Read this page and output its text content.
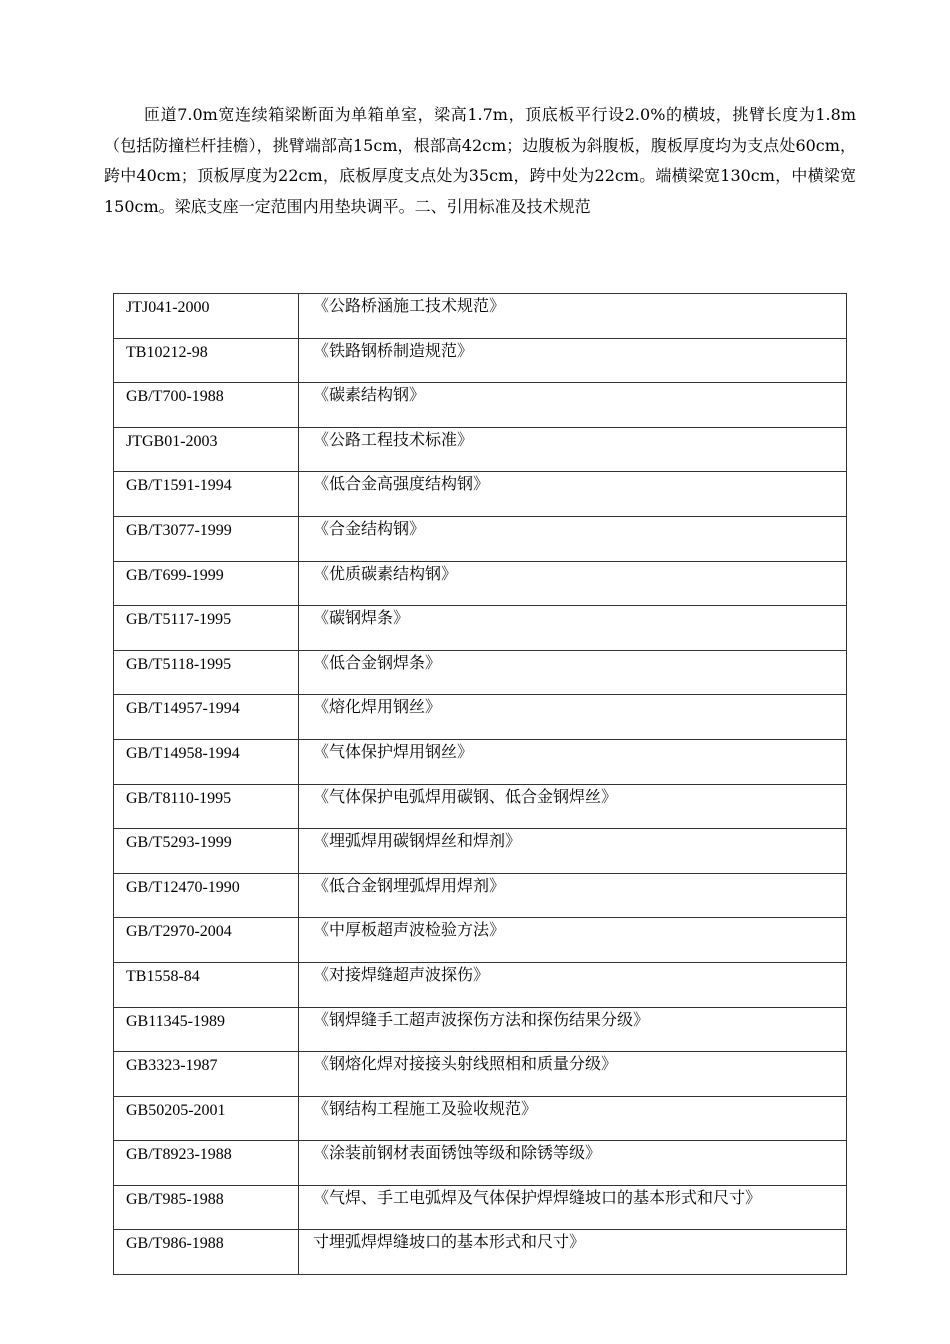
匝道7.0m宽连续箱梁断面为单箱单室，梁高1.7m，顶底板平行设2.0%的横坡，挑臂长度为1.8m（包括防撞栏杆挂檐），挑臂端部高15cm，根部高42cm；边腹板为斜腹板，腹板厚度均为支点处60cm，跨中40cm；顶板厚度为22cm，底板厚度支点处为35cm，跨中处为22cm。端横梁宽130cm，中横梁宽150cm。梁底支座一定范围内用垫块调平。二、引用标准及技术规范

JTJ041-2000	《公路桥涵施工技术规范》

TB10212-98	《铁路钢桥制造规范》

GB/T700-1988	《碳素结构钢》

JTGB01-2003	《公路工程技术标准》

GB/T1591-1994	《低合金高强度结构钢》

GB/T3077-1999	《合金结构钢》

GB/T699-1999	《优质碳素结构钢》

GB/T5117-1995	《碳钢焊条》

GB/T5118-1995	《低合金钢焊条》

GB/T14957-1994	《熔化焊用钢丝》

GB/T14958-1994	《气体保护焊用钢丝》

GB/T8110-1995	《气体保护电弧焊用碳钢、低合金钢焊丝》

GB/T5293-1999	《埋弧焊用碳钢焊丝和焊剂》

GB/T12470-1990	《低合金钢埋弧焊用焊剂》

GB/T2970-2004	《中厚板超声波检验方法》

TB1558-84	《对接焊缝超声波探伤》

GB11345-1989	《钢焊缝手工超声波探伤方法和探伤结果分级》

GB3323-1987	《钢熔化焊对接接头射线照相和质量分级》

GB50205-2001	《钢结构工程施工及验收规范》

GB/T8923-1988	《涂装前钢材表面锈蚀等级和除锈等级》

GB/T985-1988	《气焊、手工电弧焊及气体保护焊焊缝坡口的基本形式和尺寸》

GB/T986-1988	寸埋弧焊焊缝坡口的基本形式和尺寸》
